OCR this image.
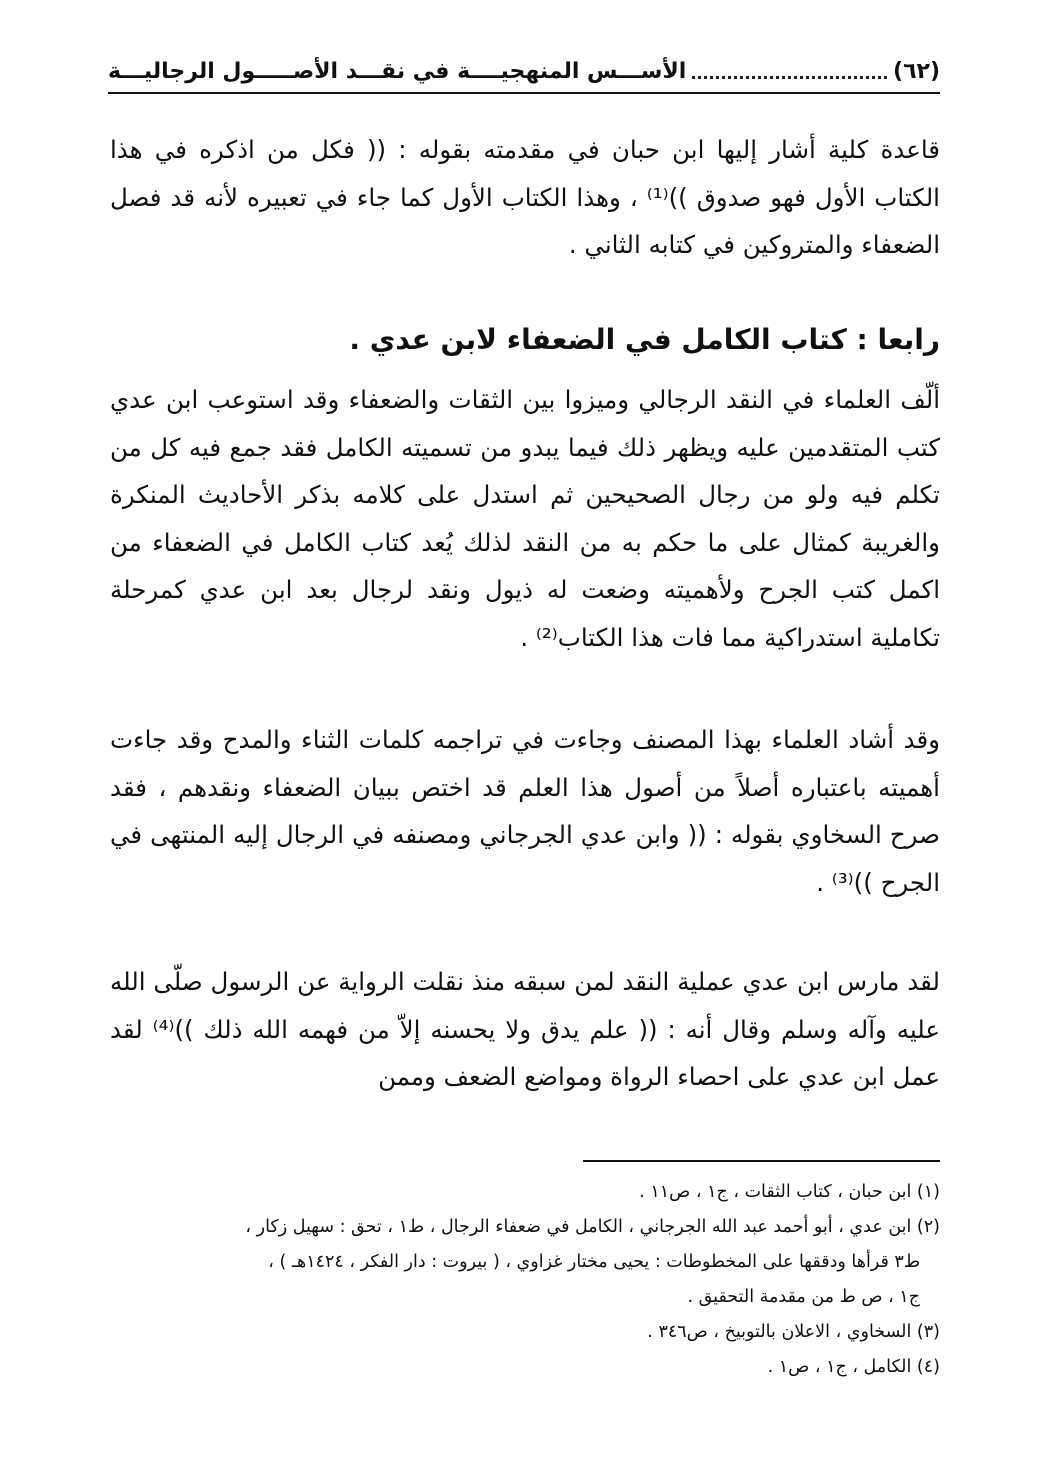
(٦٢)
الأســـس المنهجيــــة في نقـــد الأصـــــول الرجاليـــة

قاعدة كلية أشار إليها ابن حبان في مقدمته بقوله : (( فكل من اذكره في هذا الكتاب الأول فهو صدوق ))⁽¹⁾ ، وهذا الكتاب الأول كما جاء في تعبيره لأنه قد فصل الضعفاء والمتروكين في كتابه الثاني .

رابعا : كتاب الكامل في الضعفاء لابن عدي .

ألّف العلماء في النقد الرجالي وميزوا بين الثقات والضعفاء وقد استوعب ابن عدي كتب المتقدمين عليه ويظهر ذلك فيما يبدو من تسميته الكامل فقد جمع فيه كل من تكلم فيه ولو من رجال الصحيحين ثم استدل على كلامه بذكر الأحاديث المنكرة والغريبة كمثال على ما حكم به من النقد لذلك يُعد كتاب الكامل في الضعفاء من اكمل كتب الجرح ولأهميته وضعت له ذيول ونقد لرجال بعد ابن عدي كمرحلة تكاملية استدراكية مما فات هذا الكتاب⁽²⁾ .

وقد أشاد العلماء بهذا المصنف وجاءت في تراجمه كلمات الثناء والمدح وقد جاءت أهميته باعتباره أصلاً من أصول هذا العلم قد اختص ببيان الضعفاء ونقدهم ، فقد صرح السخاوي بقوله : (( وابن عدي الجرجاني ومصنفه في الرجال إليه المنتهى في الجرح ))⁽³⁾ .

لقد مارس ابن عدي عملية النقد لمن سبقه منذ نقلت الرواية عن الرسول صلّى الله عليه وآله وسلم وقال أنه : (( علم يدق ولا يحسنه إلاّ من فهمه الله ذلك ))⁽⁴⁾ لقد عمل ابن عدي على احصاء الرواة ومواضع الضعف وممن

(١) ابن حبان ، كتاب الثقات ، ج١ ، ص١١ .
(٢) ابن عدي ، أبو أحمد عبد الله الجرجاني ، الكامل في ضعفاء الرجال ، ط١ ، تحق : سهيل زكار ،
ط٣ قرأها ودققها على المخطوطات : يحيى مختار غزاوي ، ( بيروت : دار الفكر ، ١٤٢٤هـ ) ،
ج١ ، ص ط من مقدمة التحقيق .
(٣) السخاوي ، الاعلان بالتوبيخ ، ص٣٤٦ .
(٤) الكامل ، ج١ ، ص١ .
